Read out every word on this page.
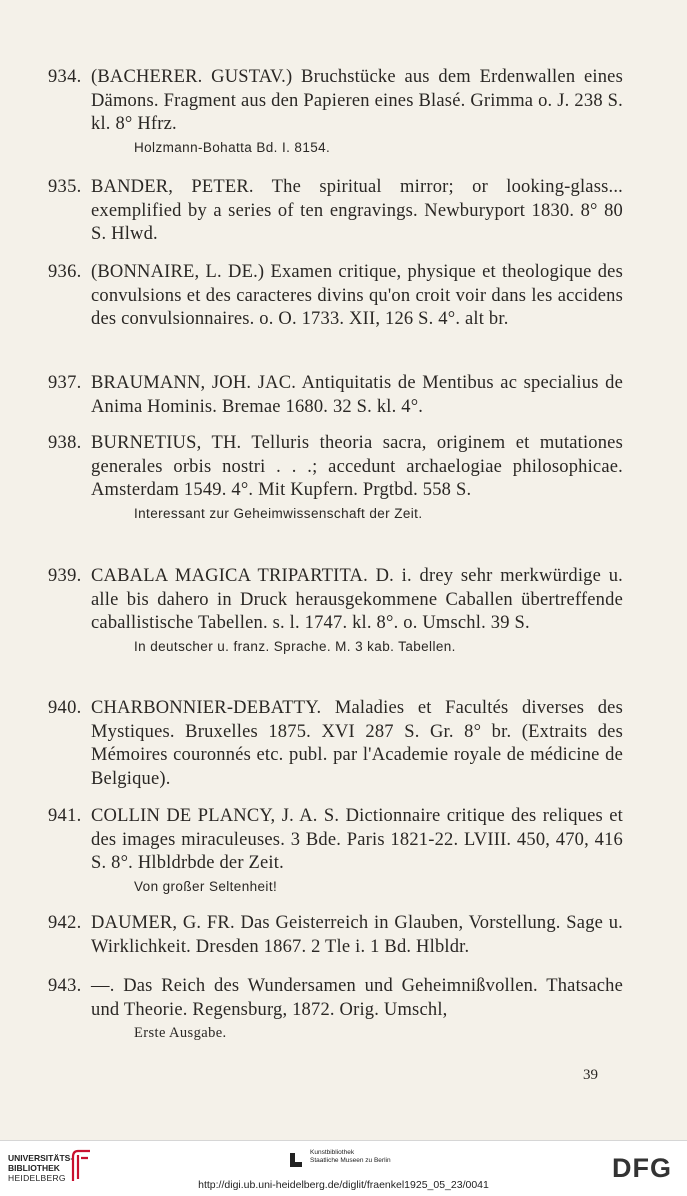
934. (BACHERER. GUSTAV.) Bruchstücke aus dem Erdenwallen eines Dämons. Fragment aus den Papieren eines Blasé. Grimma o. J. 238 S. kl. 8° Hfrz.
Holzmann-Bohatta Bd. I. 8154.
935. BANDER, PETER. The spiritual mirror; or looking-glass... exemplified by a series of ten engravings. Newburyport 1830. 8° 80 S. Hlwd.
936. (BONNAIRE, L. DE.) Examen critique, physique et theologique des convulsions et des caracteres divins qu'on croit voir dans les accidens des convulsionnaires. o. O. 1733. XII, 126 S. 4°. alt br.
937. BRAUMANN, JOH. JAC. Antiquitatis de Mentibus ac specialius de Anima Hominis. Bremae 1680. 32 S. kl. 4°.
938. BURNETIUS, TH. Telluris theoria sacra, originem et mutationes generales orbis nostri . . .; accedunt archaelogiae philosophicae. Amsterdam 1549. 4°. Mit Kupfern. Prgtbd. 558 S.
Interessant zur Geheimwissenschaft der Zeit.
939. CABALA MAGICA TRIPARTITA. D. i. drey sehr merkwürdige u. alle bis dahero in Druck herausgekommene Caballen übertreffende caballistische Tabellen. s. l. 1747. kl. 8°. o. Umschl. 39 S.
In deutscher u. franz. Sprache. M. 3 kab. Tabellen.
940. CHARBONNIER-DEBATTY. Maladies et Facultés diverses des Mystiques. Bruxelles 1875. XVI 287 S. Gr. 8° br. (Extraits des Mémoires couronnés etc. publ. par l'Academie royale de médicine de Belgique).
941. COLLIN DE PLANCY, J. A. S. Dictionnaire critique des reliques et des images miraculeuses. 3 Bde. Paris 1821-22. LVIII. 450, 470, 416 S. 8°. Hlbldrbde der Zeit.
Von großer Seltenheit!
942. DAUMER, G. FR. Das Geisterreich in Glauben, Vorstellung. Sage u. Wirklichkeit. Dresden 1867. 2 Tle i. 1 Bd. Hlbldr.
943. —. Das Reich des Wundersamen und Geheimnißvollen. Thatsache und Theorie. Regensburg, 1872. Orig. Umschl,
Erste Ausgabe.
39
UNIVERSITÄTS-
BIBLIOTHEK
HEIDELBERG
Kunstbibliothek
Staatliche Museen zu Berlin	DFG
http://digi.ub.uni-heidelberg.de/diglit/fraenkel1925_05_23/0041
